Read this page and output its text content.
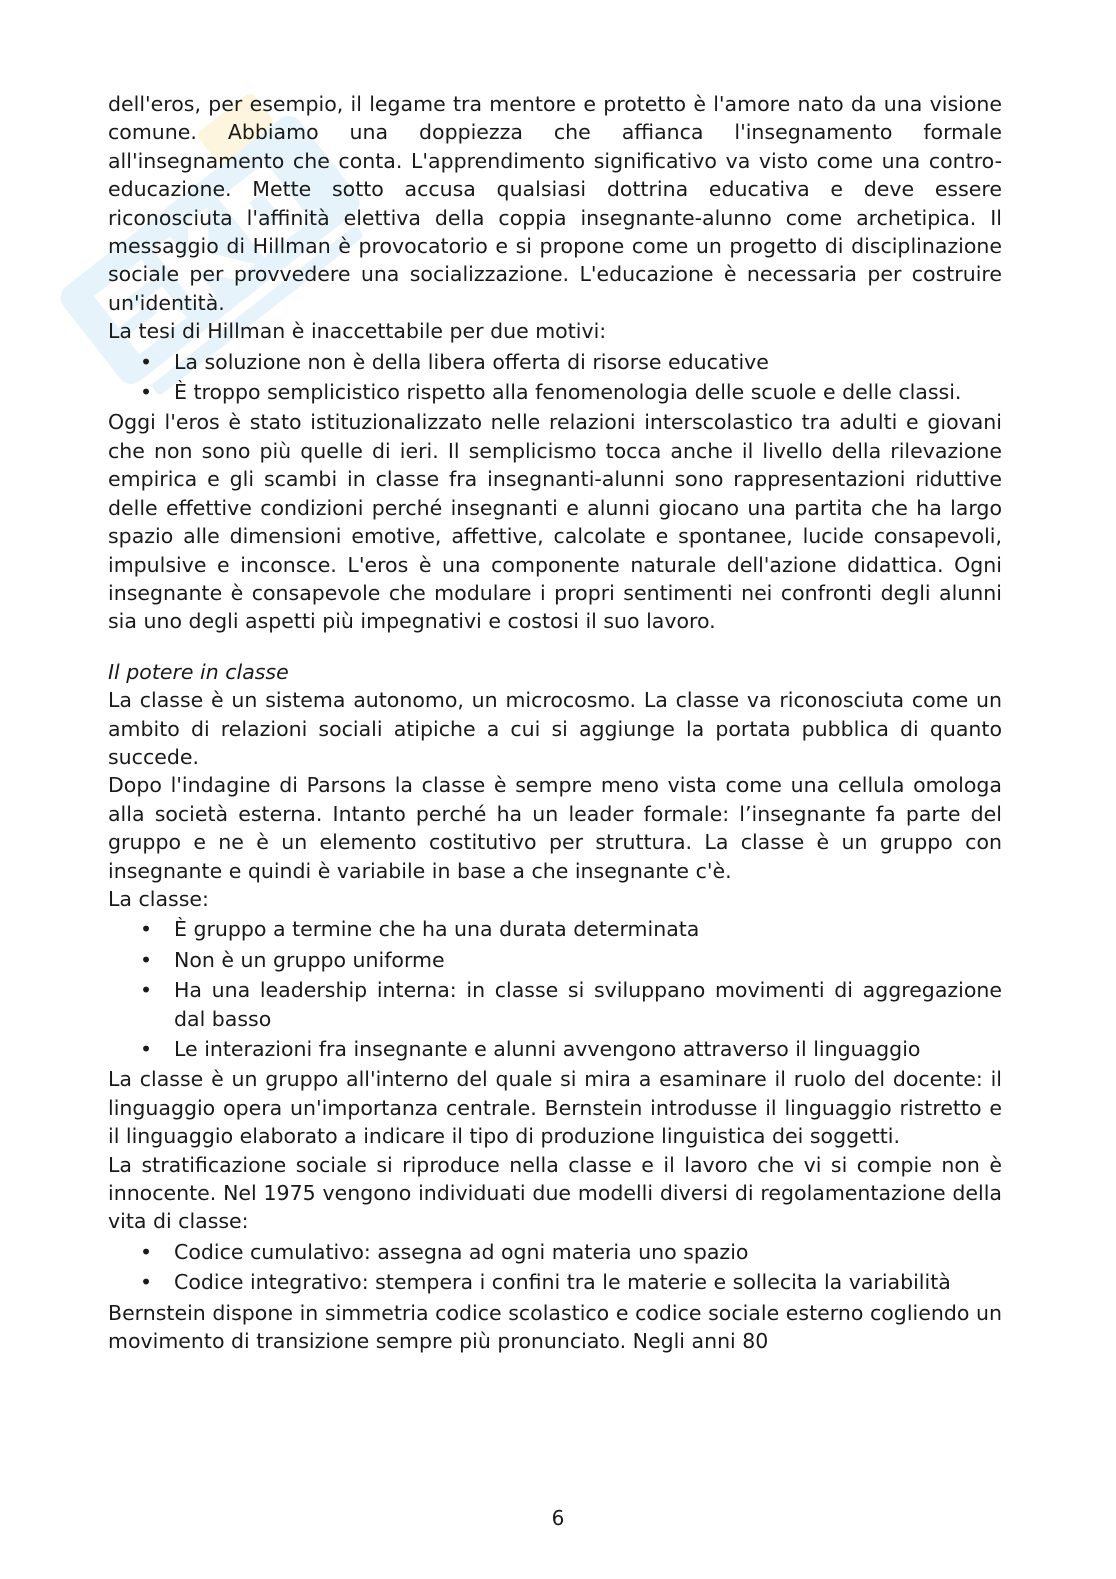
dell'eros, per esempio, il legame tra mentore e protetto è l'amore nato da una visione comune. Abbiamo una doppiezza che affianca l'insegnamento formale all'insegnamento che conta. L'apprendimento significativo va visto come una contro-educazione. Mette sotto accusa qualsiasi dottrina educativa e deve essere riconosciuta l'affinità elettiva della coppia insegnante-alunno come archetipica. Il messaggio di Hillman è provocatorio e si propone come un progetto di disciplinazione sociale per provvedere una socializzazione. L'educazione è necessaria per costruire un'identità.

La tesi di Hillman è inaccettabile per due motivi:

• La soluzione non è della libera offerta di risorse educative
• È troppo semplicistico rispetto alla fenomenologia delle scuole e delle classi.

Oggi l'eros è stato istituzionalizzato nelle relazioni interscolastico tra adulti e giovani che non sono più quelle di ieri. Il semplicismo tocca anche il livello della rilevazione empirica e gli scambi in classe fra insegnanti-alunni sono rappresentazioni riduttive delle effettive condizioni perché insegnanti e alunni giocano una partita che ha largo spazio alle dimensioni emotive, affettive, calcolate e spontanee, lucide consapevoli, impulsive e inconsce. L'eros è una componente naturale dell'azione didattica. Ogni insegnante è consapevole che modulare i propri sentimenti nei confronti degli alunni sia uno degli aspetti più impegnativi e costosi il suo lavoro.

Il potere in classe

La classe è un sistema autonomo, un microcosmo. La classe va riconosciuta come un ambito di relazioni sociali atipiche a cui si aggiunge la portata pubblica di quanto succede.

Dopo l'indagine di Parsons la classe è sempre meno vista come una cellula omologa alla società esterna. Intanto perché ha un leader formale: l’insegnante fa parte del gruppo e ne è un elemento costitutivo per struttura. La classe è un gruppo con insegnante e quindi è variabile in base a che insegnante c'è.

La classe:

• È gruppo a termine che ha una durata determinata
• Non è un gruppo uniforme
• Ha una leadership interna: in classe si sviluppano movimenti di aggregazione dal basso
• Le interazioni fra insegnante e alunni avvengono attraverso il linguaggio

La classe è un gruppo all'interno del quale si mira a esaminare il ruolo del docente: il linguaggio opera un'importanza centrale. Bernstein introdusse il linguaggio ristretto e il linguaggio elaborato a indicare il tipo di produzione linguistica dei soggetti.

La stratificazione sociale si riproduce nella classe e il lavoro che vi si compie non è innocente. Nel 1975 vengono individuati due modelli diversi di regolamentazione della vita di classe:

• Codice cumulativo: assegna ad ogni materia uno spazio
• Codice integrativo: stempera i confini tra le materie e sollecita la variabilità

Bernstein dispone in simmetria codice scolastico e codice sociale esterno cogliendo un movimento di transizione sempre più pronunciato. Negli anni 80

6
